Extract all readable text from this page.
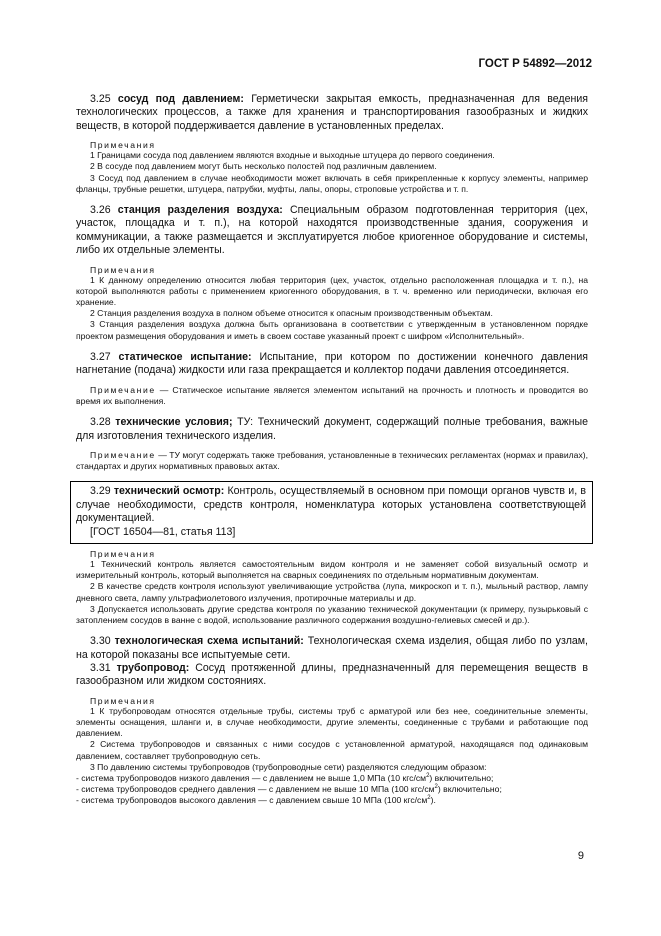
ГОСТ Р 54892—2012

3.25 сосуд под давлением: Герметически закрытая емкость, предназначенная для ведения технологических процессов, а также для хранения и транспортирования газообразных и жидких веществ, в которой поддерживается давление в установленных пределах.

Примечания

1 Границами сосуда под давлением являются входные и выходные штуцера до первого соединения.

2 В сосуде под давлением могут быть несколько полостей под различным давлением.

3 Сосуд под давлением в случае необходимости может включать в себя прикрепленные к корпусу элементы, например фланцы, трубные решетки, штуцера, патрубки, муфты, лапы, опоры, строповые устройства и т. п.

3.26 станция разделения воздуха: Специальным образом подготовленная территория (цех, участок, площадка и т. п.), на которой находятся производственные здания, сооружения и коммуникации, а также размещается и эксплуатируется любое криогенное оборудование и системы, либо их отдельные элементы.

Примечания

1 К данному определению относится любая территория (цех, участок, отдельно расположенная площадка и т. п.), на которой выполняются работы с применением криогенного оборудования, в т. ч. временно или периодически, включая его хранение.

2 Станция разделения воздуха в полном объеме относится к опасным производственным объектам.

3 Станция разделения воздуха должна быть организована в соответствии с утвержденным в установленном порядке проектом размещения оборудования и иметь в своем составе указанный проект с шифром «Исполнительный».

3.27 статическое испытание: Испытание, при котором по достижении конечного давления нагнетание (подача) жидкости или газа прекращается и коллектор подачи давления отсоединяется.

Примечание — Статическое испытание является элементом испытаний на прочность и плотность и проводится во время их выполнения.

3.28 технические условия; ТУ: Технический документ, содержащий полные требования, важные для изготовления технического изделия.

Примечание — ТУ могут содержать также требования, установленные в технических регламентах (нормах и правилах), стандартах и других нормативных правовых актах.

3.29 технический осмотр: Контроль, осуществляемый в основном при помощи органов чувств и, в случае необходимости, средств контроля, номенклатура которых установлена соответствующей документацией.

[ГОСТ 16504—81, статья 113]

Примечания

1 Технический контроль является самостоятельным видом контроля и не заменяет собой визуальный осмотр и измерительный контроль, который выполняется на сварных соединениях по отдельным нормативным документам.

2 В качестве средств контроля используют увеличивающие устройства (лупа, микроскоп и т. п.), мыльный раствор, лампу дневного света, лампу ультрафиолетового излучения, протирочные материалы и др.

3 Допускается использовать другие средства контроля по указанию технической документации (к примеру, пузырьковый с затоплением сосудов в ванне с водой, использование различного содержания воздушно-гелиевых смесей и др.).

3.30 технологическая схема испытаний: Технологическая схема изделия, общая либо по узлам, на которой показаны все испытуемые сети.

3.31 трубопровод: Сосуд протяженной длины, предназначенный для перемещения веществ в газообразном или жидком состояниях.

Примечания

1 К трубопроводам относятся отдельные трубы, системы труб с арматурой или без нее, соединительные элементы, элементы оснащения, шланги и, в случае необходимости, другие элементы, соединенные с трубами и работающие под давлением.

2 Система трубопроводов и связанных с ними сосудов с установленной арматурой, находящаяся под одинаковым давлением, составляет трубопроводную сеть.

3 По давлению системы трубопроводов (трубопроводные сети) разделяются следующим образом:

- система трубопроводов низкого давления — с давлением не выше 1,0 МПа (10 кгс/$см^2$) включительно;

- система трубопроводов среднего давления — с давлением не выше 10 МПа (100 кгс/$см^2$) включительно;

- система трубопроводов высокого давления — с давлением свыше 10 МПа (100 кгс/$см^2$).

9
